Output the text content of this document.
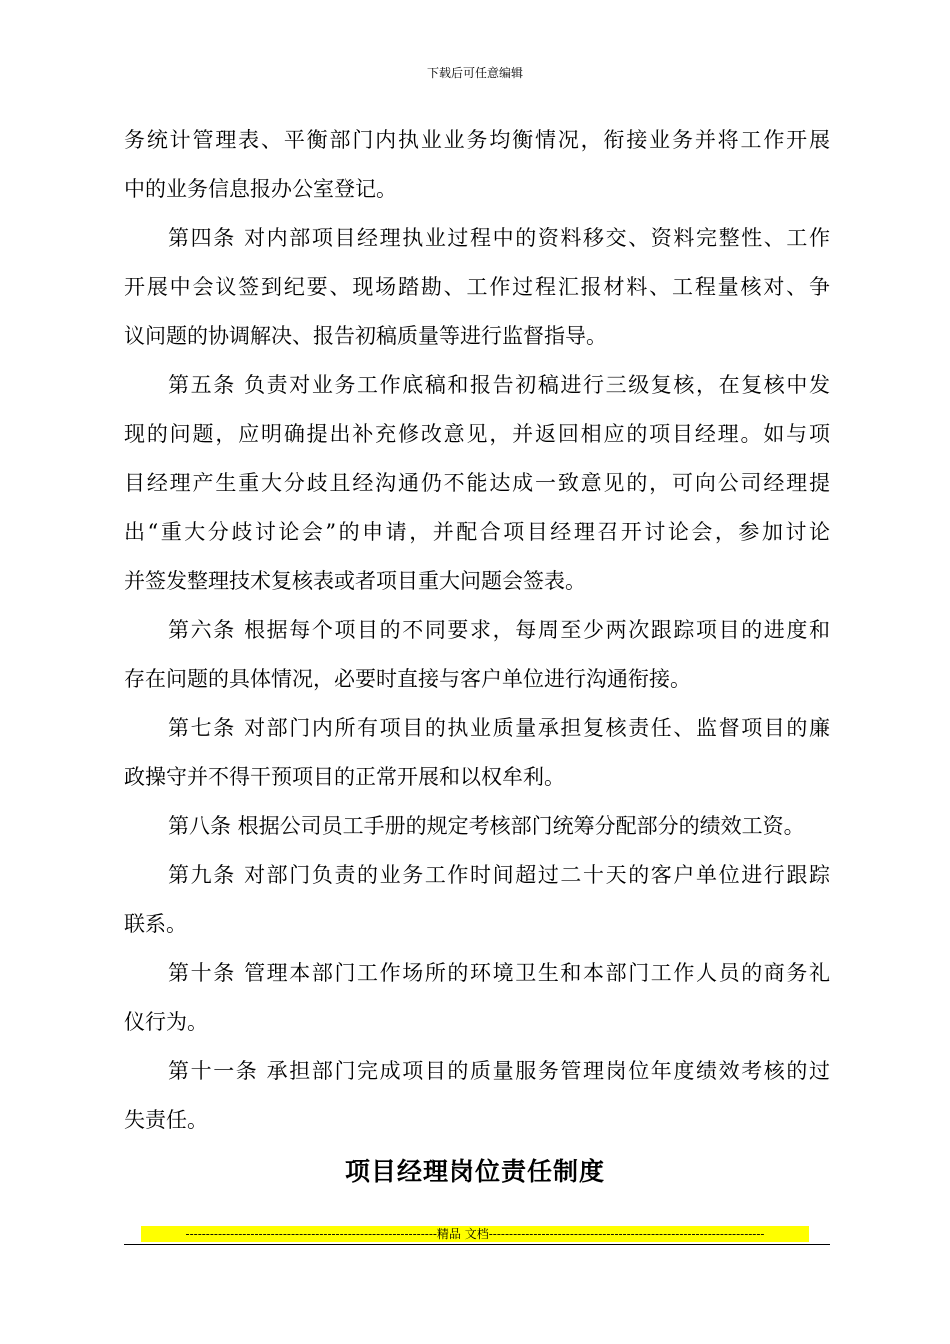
下载后可任意编辑
务统计管理表、平衡部门内执业业务均衡情况，衔接业务并将工作开展
中的业务信息报办公室登记。
第四条 对内部项目经理执业过程中的资料移交、资料完整性、工作
开展中会议签到纪要、现场踏勘、工作过程汇报材料、工程量核对、争
议问题的协调解决、报告初稿质量等进行监督指导。
第五条 负责对业务工作底稿和报告初稿进行三级复核，在复核中发
现的问题，应明确提出补充修改意见，并返回相应的项目经理。如与项
目经理产生重大分歧且经沟通仍不能达成一致意见的，可向公司经理提
出“重大分歧讨论会”的申请，并配合项目经理召开讨论会，参加讨论
并签发整理技术复核表或者项目重大问题会签表。
第六条 根据每个项目的不同要求，每周至少两次跟踪项目的进度和
存在问题的具体情况，必要时直接与客户单位进行沟通衔接。
第七条 对部门内所有项目的执业质量承担复核责任、监督项目的廉
政操守并不得干预项目的正常开展和以权牟利。
第八条 根据公司员工手册的规定考核部门统筹分配部分的绩效工资。
第九条 对部门负责的业务工作时间超过二十天的客户单位进行跟踪
联系。
第十条 管理本部门工作场所的环境卫生和本部门工作人员的商务礼
仪行为。
第十一条 承担部门完成项目的质量服务管理岗位年度绩效考核的过
失责任。
项目经理岗位责任制度
--------------------------------------------------------------精品 文档--------------------------------------------------------------------
